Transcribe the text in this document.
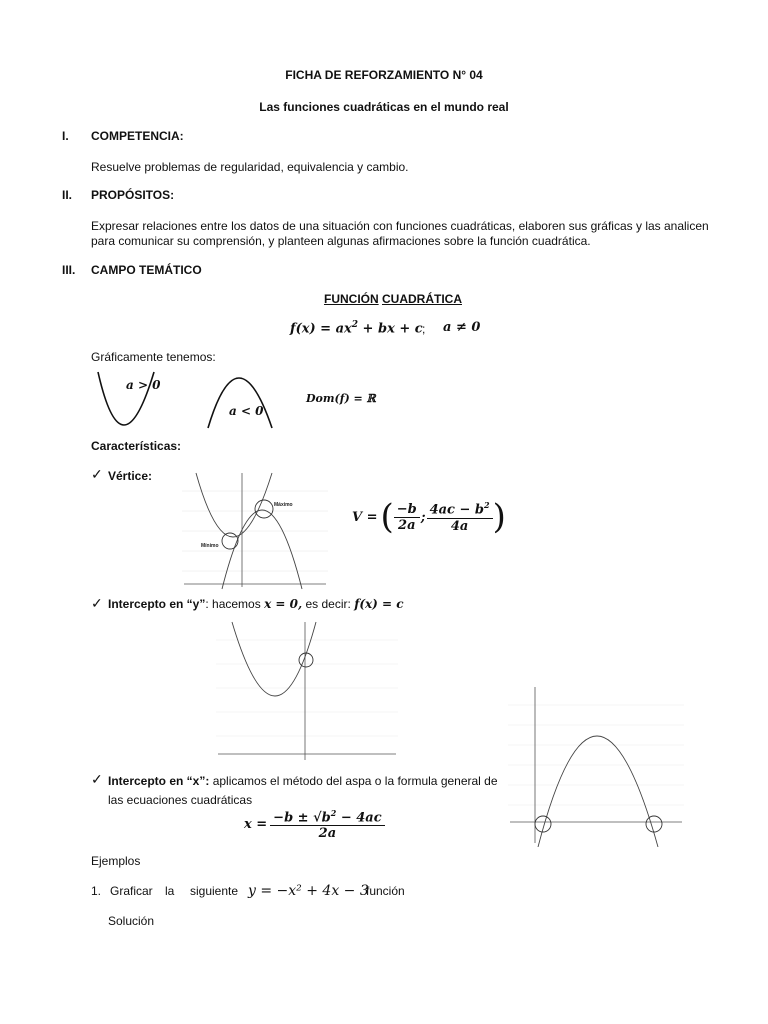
FICHA DE REFORZAMIENTO N° 04
Las funciones cuadráticas en el mundo real
I. COMPETENCIA:
Resuelve problemas de regularidad, equivalencia y cambio.
II. PROPÓSITOS:
Expresar relaciones entre los datos de una situación con funciones cuadráticas, elaboren sus gráficas y las analicen
para comunicar su comprensión, y planteen algunas afirmaciones sobre la función cuadrática.
III. CAMPO TEMÁTICO
FUNCIÓN CUADRÁTICA
$f(x) = ax^2$ + bx + c ; a ≠ 0
Gráficamente tenemos:
a > 0
a < 0
Dom(f) = ℝ
Características:
✓ Vértice:
Máximo
Mínimo
V = ( $\frac{-b}{2a}$ ; $\frac{4ac - b^2}{4a}$ )
✓ Intercepto en “y”: hacemos x = 0, es decir: f(x) = c
✓ Intercepto en “x”: aplicamos el método del aspa o la formula general de
las ecuaciones cuadráticas
$x = \frac{-b \pm √b^2 - 4ac}{2a}$
Ejemplos
1. Graficar la siguiente y = −x² + 4x − 3
función
Solución
